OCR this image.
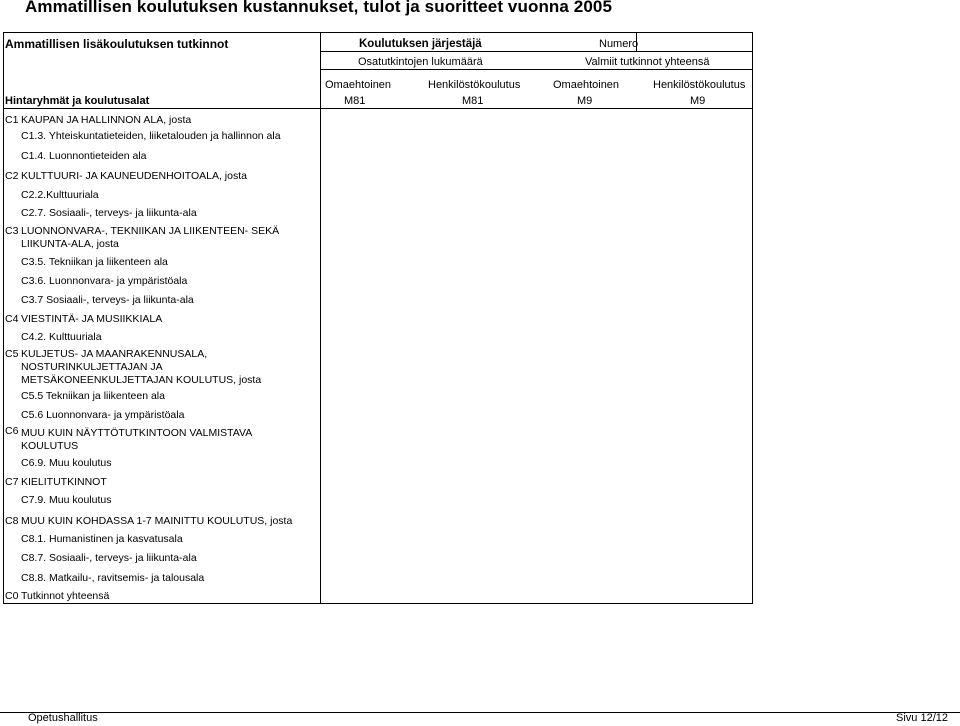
Ammatillisen koulutuksen kustannukset, tulot ja suoritteet vuonna 2005
Ammatillisen lisäkoulutuksen tutkinnot	Koulutuksen järjestäjä	Numero
Osatutkintojen lukumäärä	Valmiit tutkinnot yhteensä
Omaehtoinen	Henkilöstökoulutus	Omaehtoinen	Henkilöstökoulutus
Hintaryhmät ja koulutusalat	M81	M81	M9	M9
C1 KAUPAN JA HALLINNON ALA, josta
C1.3. Yhteiskuntatieteiden, liiketalouden ja hallinnon ala
C1.4. Luonnontieteiden ala
C2 KULTTUURI- JA KAUNEUDENHOITOALA, josta
C2.2.Kulttuuriala
C2.7. Sosiaali-, terveys- ja liikunta-ala
C3 LUONNONVARA-, TEKNIIKAN JA LIIKENTEEN- SEKÄ
LIIKUNTA-ALA, josta
C3.5. Tekniikan ja liikenteen ala
C3.6. Luonnonvara- ja ympäristöala
C3.7 Sosiaali-, terveys- ja liikunta-ala
C4 VIESTINTÄ- JA MUSIIKKIALA
C4.2. Kulttuuriala
C5 KULJETUS- JA MAANRAKENNUSALA,
NOSTURINKULJETTAJAN JA
METSÄKONEENKULJETTAJAN KOULUTUS, josta
C5.5 Tekniikan ja liikenteen ala
C5.6 Luonnonvara- ja ympäristöala
C6 MUU KUIN NÄYTTÖTUTKINTOON VALMISTAVA
KOULUTUS
C6.9. Muu koulutus
C7 KIELITUTKINNOT
C7.9. Muu koulutus
C8 MUU KUIN KOHDASSA 1-7 MAINITTU KOULUTUS, josta
C8.1. Humanistinen ja kasvatusala
C8.7. Sosiaali-, terveys- ja liikunta-ala
C8.8. Matkailu-, ravitsemis- ja talousala
C0 Tutkinnot yhteensä
Opetushallitus	Sivu 12/12
